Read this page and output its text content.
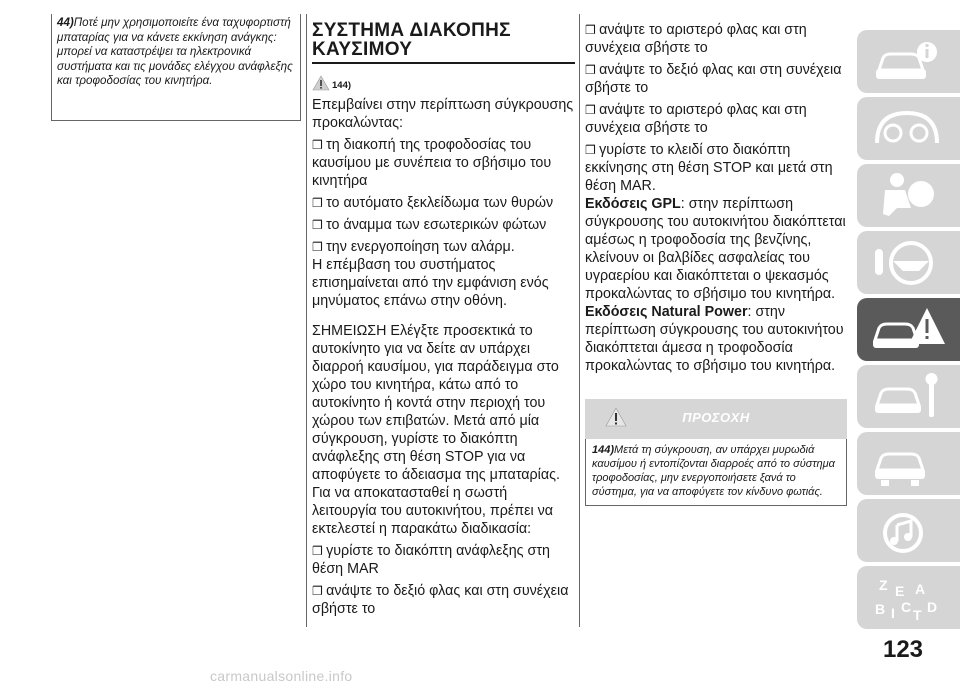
44)Ποτέ μην χρησιμοποιείτε ένα ταχυφορτιστή μπαταρίας για να κάνετε εκκίνηση ανάγκης: μπορεί να καταστρέψει τα ηλεκτρονικά συστήματα και τις μονάδες ελέγχου ανάφλεξης και τροφοδοσίας του κινητήρα.

ΣΥΣΤΗΜΑ ΔΙΑΚΟΠΗΣ
ΚΑΥΣΙΜΟΥ
144)

Επεμβαίνει στην περίπτωση σύγκρουσης προκαλώντας:

❒ τη διακοπή της τροφοδοσίας του καυσίμου με συνέπεια το σβήσιμο του κινητήρα

❒ το αυτόματο ξεκλείδωμα των θυρών

❒ το άναμμα των εσωτερικών φώτων

❒ την ενεργοποίηση των αλάρμ.

Η επέμβαση του συστήματος επισημαίνεται από την εμφάνιση ενός μηνύματος επάνω στην οθόνη.

ΣΗΜΕΙΩΣΗ Ελέγξτε προσεκτικά το αυτοκίνητο για να δείτε αν υπάρχει διαρροή καυσίμου, για παράδειγμα στο χώρο του κινητήρα, κάτω από το αυτοκίνητο ή κοντά στην περιοχή του χώρου των επιβατών. Μετά από μία σύγκρουση, γυρίστε το διακόπτη ανάφλεξης στη θέση STOP για να αποφύγετε το άδειασμα της μπαταρίας.

Για να αποκατασταθεί η σωστή λειτουργία του αυτοκινήτου, πρέπει να εκτελεστεί η παρακάτω διαδικασία:

❒ γυρίστε το διακόπτη ανάφλεξης στη θέση MAR

❒ ανάψτε το δεξιό φλας και στη συνέχεια σβήστε το

❒ ανάψτε το αριστερό φλας και στη συνέχεια σβήστε το

❒ ανάψτε το δεξιό φλας και στη συνέχεια σβήστε το

❒ ανάψτε το αριστερό φλας και στη συνέχεια σβήστε το

❒ γυρίστε το κλειδί στο διακόπτη εκκίνησης στη θέση STOP και μετά στη θέση MAR.

Εκδόσεις GPL: στην περίπτωση σύγκρουσης του αυτοκινήτου διακόπτεται αμέσως η τροφοδοσία της βενζίνης, κλείνουν οι βαλβίδες ασφαλείας του υγραερίου και διακόπτεται ο ψεκασμός προκαλώντας το σβήσιμο του κινητήρα.

Εκδόσεις Natural Power: στην περίπτωση σύγκρουσης του αυτοκινήτου διακόπτεται άμεσα η τροφοδοσία προκαλώντας το σβήσιμο του κινητήρα.

ΠΡΟΣΟΧΗ

144)Μετά τη σύγκρουση, αν υπάρχει μυρωδιά καυσίμου ή εντοπίζονται διαρροές από το σύστημα τροφοδοσίας, μην ενεργοποιήσετε ξανά το σύστημα, για να αποφύγετε τον κίνδυνο φωτιάς.

Z E A
B I C T D
123
carmanualsonline.info
